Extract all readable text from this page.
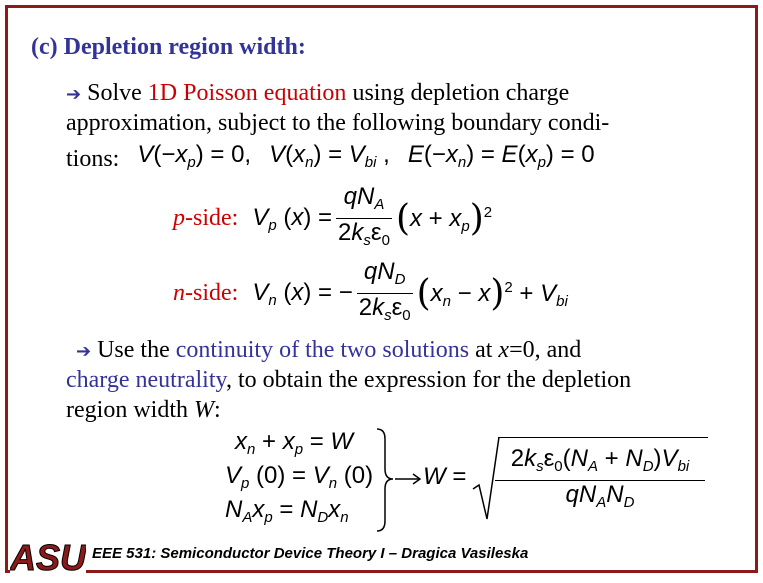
(c) Depletion region width:
➔ Solve 1D Poisson equation using depletion charge
approximation, subject to the following boundary condi-
tions: $V(-x_p) = 0$, $V(x_n) = V_{bi}$ , $E(-x_n) = E(x_p) = 0$
p-side: $V_p$ $(x) = \frac{qN_A}{2k_s\varepsilon_0} (x + x_p)^2$
n-side: $V_n$ (x) = − $\frac{qN_D}{2k_s\varepsilon_0} (x_n - x)^2 + V_{bi}$
➔ Use the continuity of the two solutions at x=0, and
charge neutrality, to obtain the expression for the depletion
region width W:
$x_n + x_p = W$
$V_p$ $(0) = V_n$ (0)
$N_Ax_p = N_Dx_n$
W =
$2k_s\varepsilon_0(N_A + N_D)V_{bi}$
$qN_AN_D$
ASU EEE 531: Semiconductor Device Theory I – Dragica Vasileska
